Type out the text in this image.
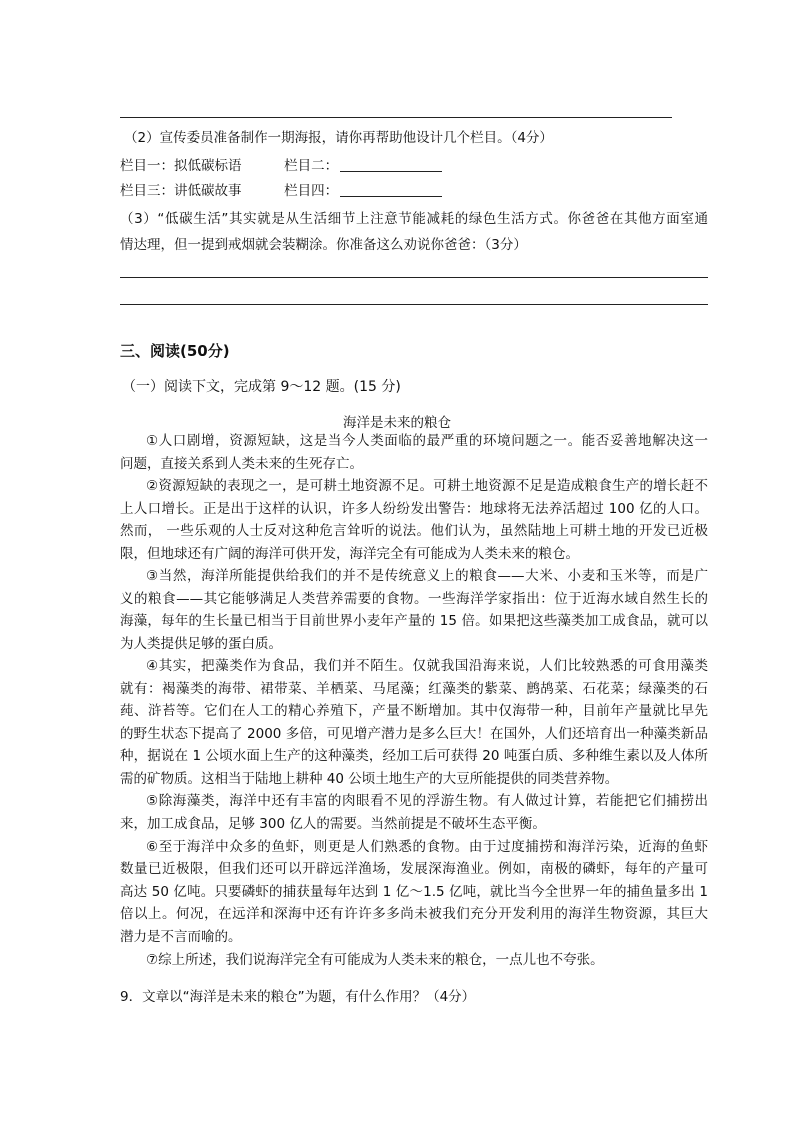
（2）宣传委员准备制作一期海报，请你再帮助他设计几个栏目。（4分）
栏目一：拟低碳标语	栏目二：
栏目三：讲低碳故事	栏目四：
（3）“低碳生活”其实就是从生活细节上注意节能减耗的绿色生活方式。你爸爸在其他方面室通
情达理，但一提到戒烟就会装糊涂。你准备这么劝说你爸爸：（3分）
三、阅读(50分)
（一）阅读下文，完成第 9～12 题。(15 分)
海洋是未来的粮仓
①人口剧增，资源短缺，这是当今人类面临的最严重的环境问题之一。能否妥善地解决这一
问题，直接关系到人类未来的生死存亡。
②资源短缺的表现之一，是可耕土地资源不足。可耕土地资源不足是造成粮食生产的增长赶不
上人口增长。正是出于这样的认识，许多人纷纷发出警告：地球将无法养活超过 100 亿的人口。
然而， 一些乐观的人士反对这种危言耸听的说法。他们认为，虽然陆地上可耕土地的开发已近极
限，但地球还有广阔的海洋可供开发，海洋完全有可能成为人类未来的粮仓。
③当然，海洋所能提供给我们的并不是传统意义上的粮食——大米、小麦和玉米等，而是广
义的粮食——其它能够满足人类营养需要的食物。一些海洋学家指出：位于近海水域自然生长的
海藻，每年的生长量已相当于目前世界小麦年产量的 15 倍。如果把这些藻类加工成食品，就可以
为人类提供足够的蛋白质。
④其实，把藻类作为食品，我们并不陌生。仅就我国沿海来说，人们比较熟悉的可食用藻类
就有：褐藻类的海带、裙带菜、羊栖菜、马尾藻；红藻类的紫菜、鹧鸪菜、石花菜；绿藻类的石
莼、浒苔等。它们在人工的精心养殖下，产量不断增加。其中仅海带一种，目前年产量就比早先
的野生状态下提高了 2000 多倍，可见增产潜力是多么巨大！在国外，人们还培育出一种藻类新品
种，据说在 1 公顷水面上生产的这种藻类，经加工后可获得 20 吨蛋白质、多种维生素以及人体所
需的矿物质。这相当于陆地上耕种 40 公顷土地生产的大豆所能提供的同类营养物。
⑤除海藻类，海洋中还有丰富的肉眼看不见的浮游生物。有人做过计算，若能把它们捕捞出
来，加工成食品，足够 300 亿人的需要。当然前提是不破坏生态平衡。
⑥至于海洋中众多的鱼虾，则更是人们熟悉的食物。由于过度捕捞和海洋污染，近海的鱼虾
数量已近极限，但我们还可以开辟远洋渔场，发展深海渔业。例如，南极的磷虾，每年的产量可
高达 50 亿吨。只要磷虾的捕获量每年达到 1 亿～1.5 亿吨，就比当今全世界一年的捕鱼量多出 1
倍以上。何况，在远洋和深海中还有许许多多尚未被我们充分开发利用的海洋生物资源，其巨大
潜力是不言而喻的。
⑦综上所述，我们说海洋完全有可能成为人类未来的粮仓，一点儿也不夸张。
9．文章以“海洋是未来的粮仓”为题，有什么作用？（4分）
